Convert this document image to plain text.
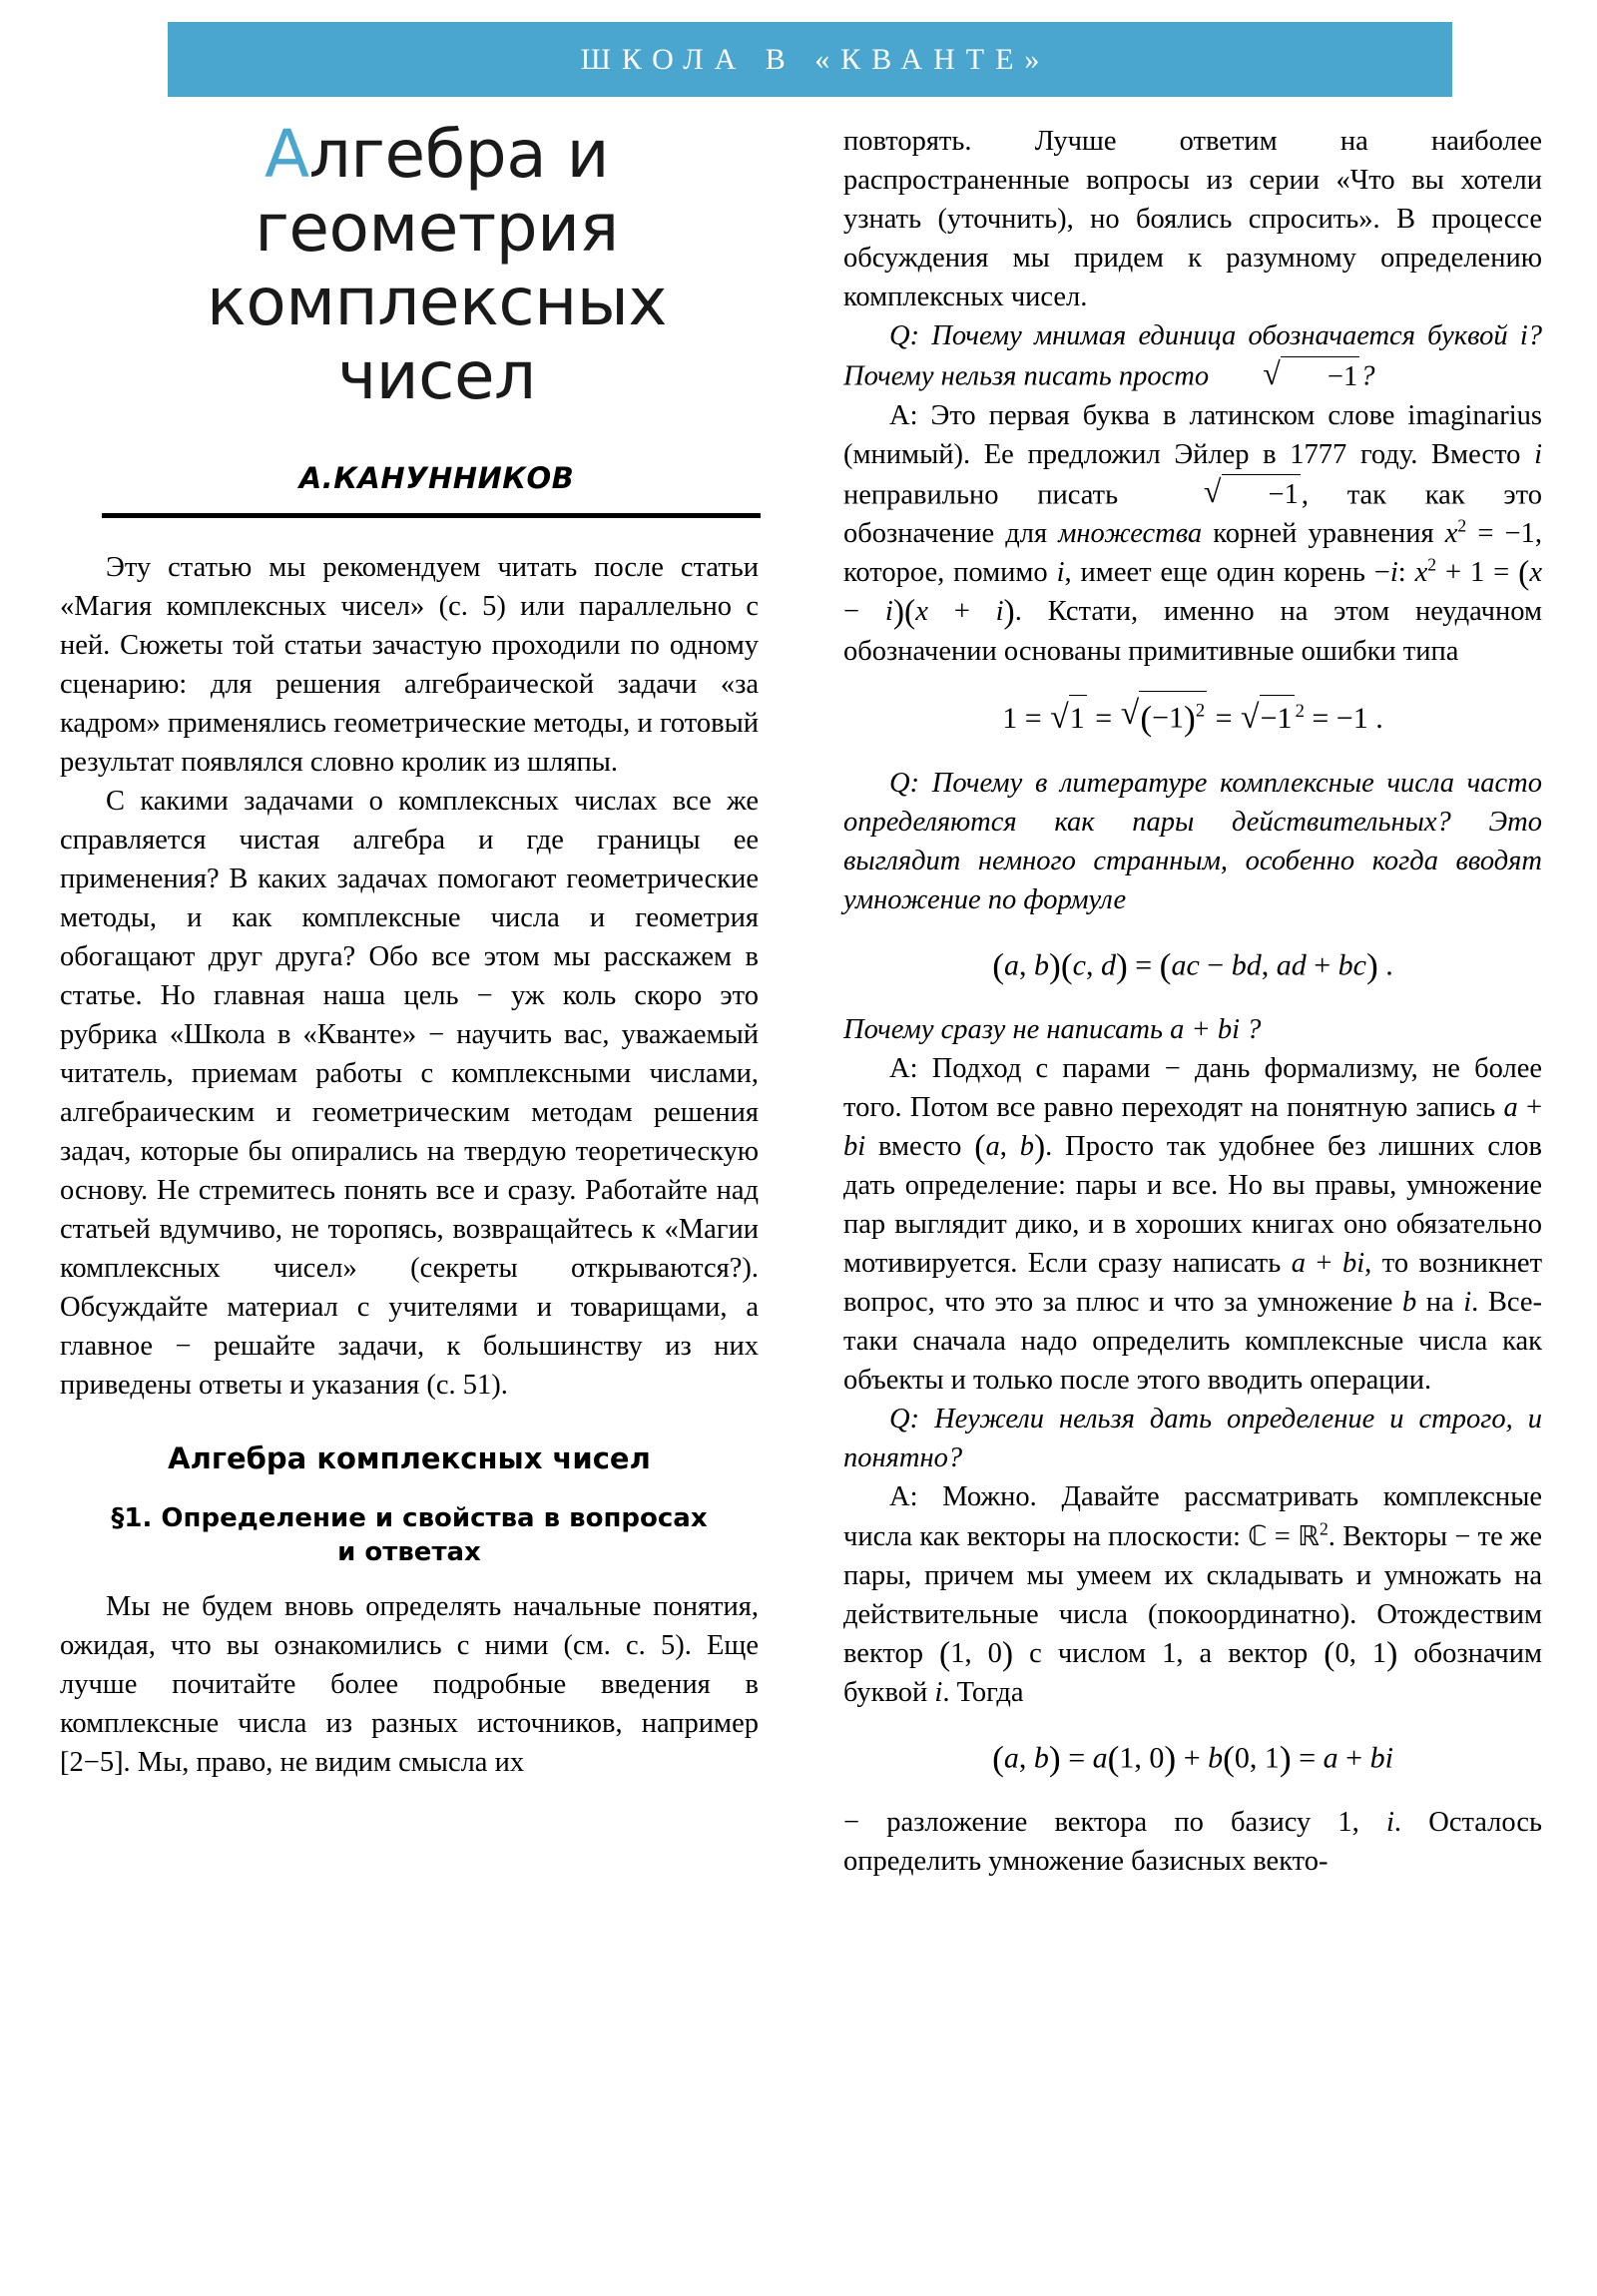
ШКОЛА В «КВАНТЕ»
Алгебра и
геометрия
комплексных
чисел
А.КАНУННИКОВ

Эту статью мы рекомендуем читать после статьи «Магия комплексных чисел» (с. 5) или параллельно с ней. Сюжеты той статьи зачастую проходили по одному сценарию: для решения алгебраической задачи «за кадром» применялись геометрические методы, и готовый результат появлялся словно кролик из шляпы.

С какими задачами о комплексных числах все же справляется чистая алгебра и где границы ее применения? В каких задачах помогают геометрические методы, и как комплексные числа и геометрия обогащают друг друга? Обо все этом мы расскажем в статье. Но главная наша цель − уж коль скоро это рубрика «Школа в «Кванте» − научить вас, уважаемый читатель, приемам работы с комплексными числами, алгебраическим и геометрическим методам решения задач, которые бы опирались на твердую теоретическую основу. Не стремитесь понять все и сразу. Работайте над статьей вдумчиво, не торопясь, возвращайтесь к «Магии комплексных чисел» (секреты открываются?). Обсуждайте материал с учителями и товарищами, а главное − решайте задачи, к большинству из них приведены ответы и указания (с. 51).

Алгебра комплексных чисел
§1. Определение и свойства в вопросах
и ответах

Мы не будем вновь определять начальные понятия, ожидая, что вы ознакомились с ними (см. с. 5). Еще лучше почитайте более подробные введения в комплексные числа из разных источников, например [2−5]. Мы, право, не видим смысла их

повторять. Лучше ответим на наиболее распространенные вопросы из серии «Что вы хотели узнать (уточнить), но боялись спросить». В процессе обсуждения мы придем к разумному определению комплексных чисел.

Q: Почему мнимая единица обозначается буквой i? Почему нельзя писать просто	√ −1 ?

A: Это первая буква в латинском слове imaginarius (мнимый). Ее предложил Эйлер в 1777 году. Вместо i неправильно писать	√ −1 , так как это обозначение для множества корней уравнения $x^2 = -1$, которое, помимо i, имеет еще один корень −i: $x^2 + 1 = (x - i)(x + i)$. Кстати, именно на этом неудачном обозначении основаны примитивные ошибки типа

1 = √ 1 = √ $(-1)^2$ = √ −1 $^2$ = −1 .

Q: Почему в литературе комплексные числа часто определяются как пары действительных? Это выглядит немного странным, особенно когда вводят умножение по формуле

(a, b)(c, d) = (ac − bd, ad + bc) .

Почему сразу не написать a + bi ?

A: Подход с парами − дань формализму, не более того. Потом все равно переходят на понятную запись a + bi вместо (a, b). Просто так удобнее без лишних слов дать определение: пары и все. Но вы правы, умножение пар выглядит дико, и в хороших книгах оно обязательно мотивируется. Если сразу написать a + bi, то возникнет вопрос, что это за плюс и что за умножение b на i. Все-таки сначала надо определить комплексные числа как объекты и только после этого вводить операции.

Q: Неужели нельзя дать определение и строго, и понятно?

A: Можно. Давайте рассматривать комплексные числа как векторы на плоскости: ℂ = ℝ$^2$. Векторы − те же пары, причем мы умеем их складывать и умножать на действительные числа (покоординатно). Отождествим вектор (1, 0) с числом 1, а вектор (0, 1) обозначим буквой i. Тогда

(a, b) = a(1, 0) + b(0, 1) = a + bi

− разложение вектора по базису 1, i. Осталось определить умножение базисных векто-
